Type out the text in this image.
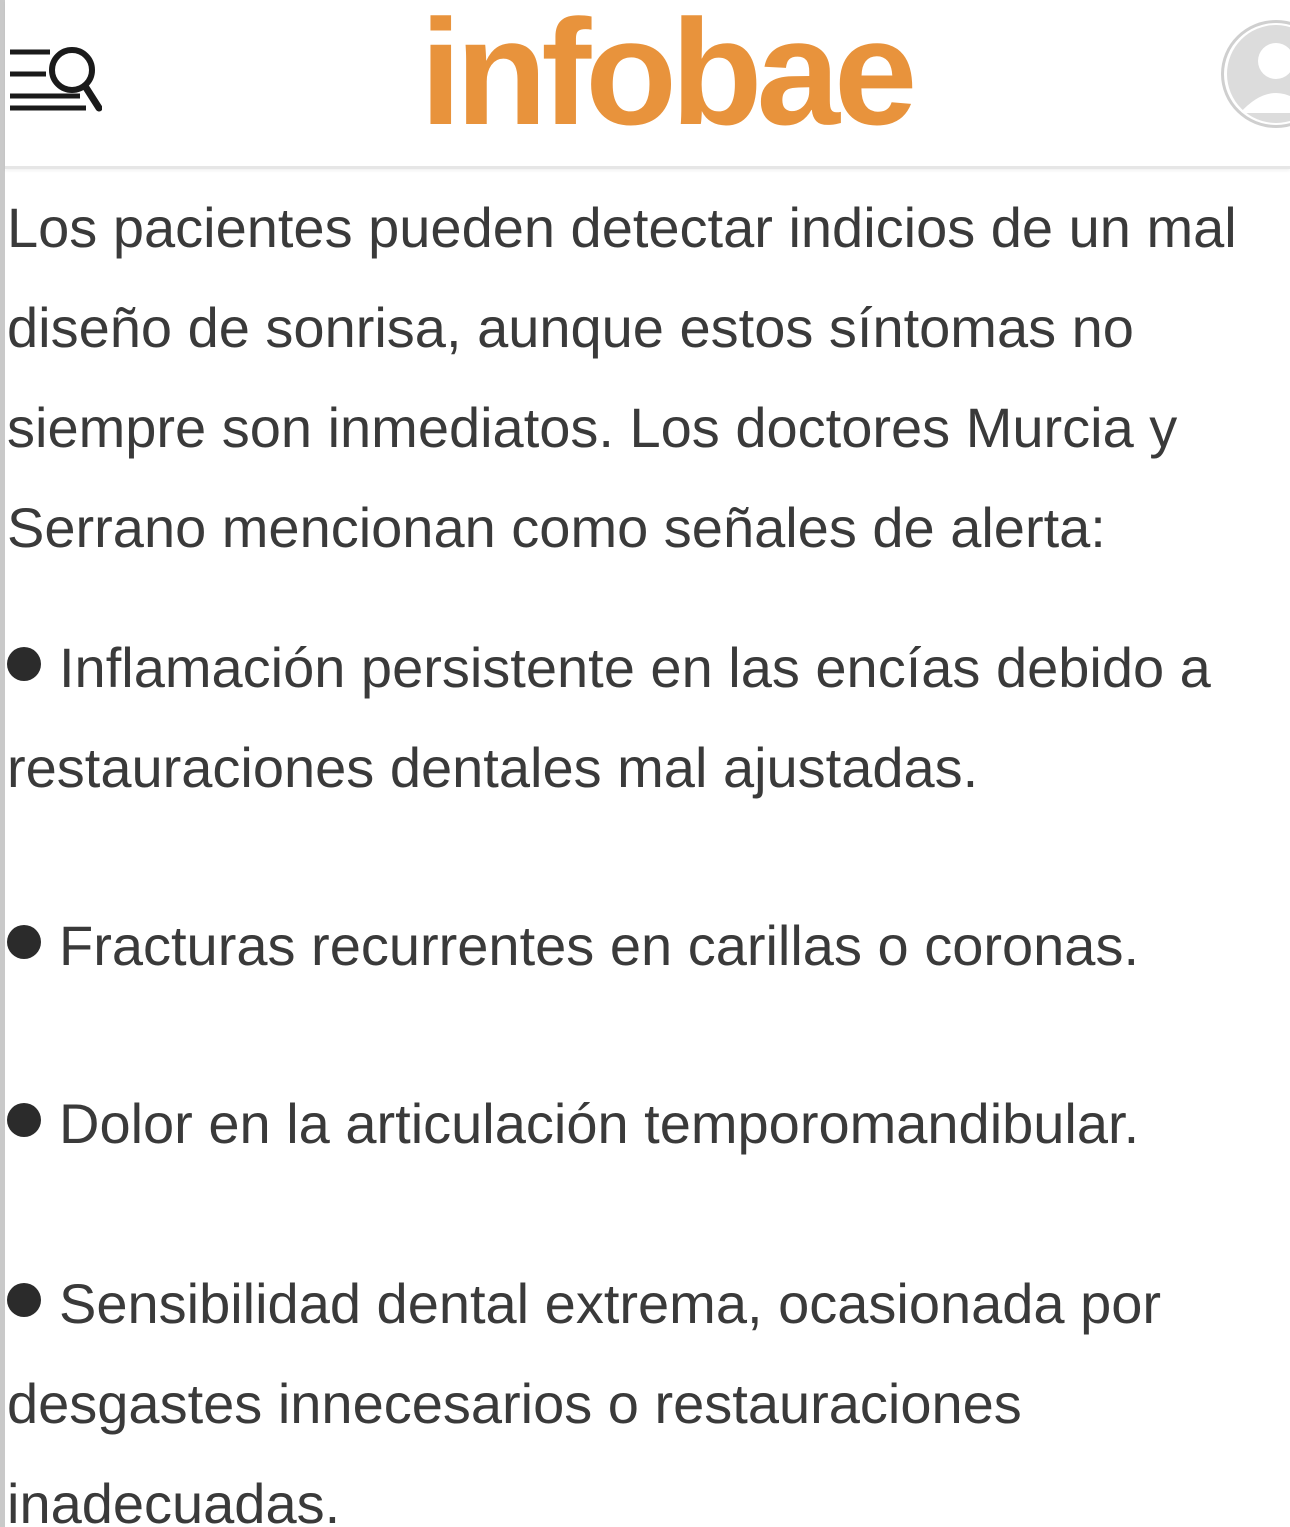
infobae

Los pacientes pueden detectar indicios de un mal
diseño de sonrisa, aunque estos síntomas no
siempre son inmediatos. Los doctores Murcia y
Serrano mencionan como señales de alerta:

Inflamación persistente en las encías debido a
restauraciones dentales mal ajustadas.
Fracturas recurrentes en carillas o coronas.
Dolor en la articulación temporomandibular.
Sensibilidad dental extrema, ocasionada por
desgastes innecesarios o restauraciones
inadecuadas.
